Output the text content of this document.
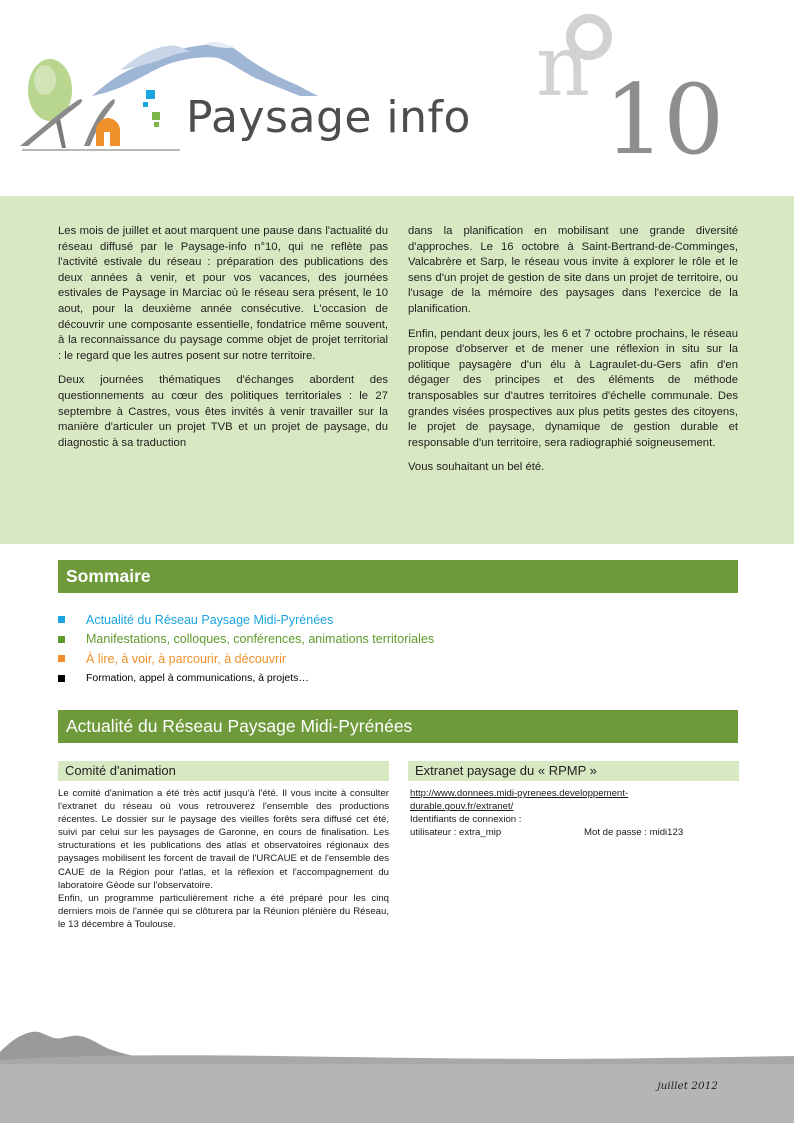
Paysage info
n 10

Les mois de juillet et aout marquent une pause dans l'actualité du réseau diffusé par le Paysage-info n°10, qui ne reflète pas l'activité estivale du réseau : préparation des publications des deux années à venir, et pour vos vacances, des journées estivales de Paysage in Marciac où le réseau sera présent, le 10 aout, pour la deuxième année consécutive. L'occasion de découvrir une composante essentielle, fondatrice même souvent, à la reconnaissance du paysage comme objet de projet territorial : le regard que les autres posent sur notre territoire.

Deux journées thématiques d'échanges abordent des questionnements au cœur des politiques territoriales : le 27 septembre à Castres, vous êtes invités à venir travailler sur la manière d'articuler un projet TVB et un projet de paysage, du diagnostic à sa traduction

dans la planification en mobilisant une grande diversité d'approches. Le 16 octobre à Saint-Bertrand-de-Comminges, Valcabrère et Sarp, le réseau vous invite à explorer le rôle et le sens d'un projet de gestion de site dans un projet de territoire, ou l'usage de la mémoire des paysages dans l'exercice de la planification.

Enfin, pendant deux jours, les 6 et 7 octobre prochains, le réseau propose d'observer et de mener une réflexion in situ sur la politique paysagère d'un élu à Lagraulet-du-Gers afin d'en dégager des principes et des éléments de méthode transposables sur d'autres territoires d'échelle communale. Des grandes visées prospectives aux plus petits gestes des citoyens, le projet de paysage, dynamique de gestion durable et responsable d'un territoire, sera radiographié soigneusement.

Vous souhaitant un bel été.

Sommaire
Actualité du Réseau Paysage Midi-Pyrénées
Manifestations, colloques, conférences, animations territoriales
À lire, à voir, à parcourir, à découvrir
Formation, appel à communications, à projets…
Actualité du Réseau Paysage Midi-Pyrénées
Comité d'animation

Le comité d'animation a été très actif jusqu'à l'été. Il vous incite à consulter l'extranet du réseau où vous retrouverez l'ensemble des productions récentes. Le dossier sur le paysage des vieilles forêts sera diffusé cet été, suivi par celui sur les paysages de Garonne, en cours de finalisation. Les structurations et les publications des atlas et observatoires régionaux des paysages mobilisent les forcent de travail de l'URCAUE et de l'ensemble des CAUE de la Région pour l'atlas, et la réflexion et l'accompagnement du laboratoire Géode sur l'observatoire.

Enfin, un programme particulièrement riche a été préparé pour les cinq derniers mois de l'année qui se clôturera par la Réunion plénière du Réseau, le 13 décembre à Toulouse.

Extranet paysage du « RPMP »
http://www.donnees.midi-pyrenees.developpement-
durable.gouv.fr/extranet/
Identifiants de connexion :
utilisateur : extra_mip	Mot de passe : midi123
juillet 2012
